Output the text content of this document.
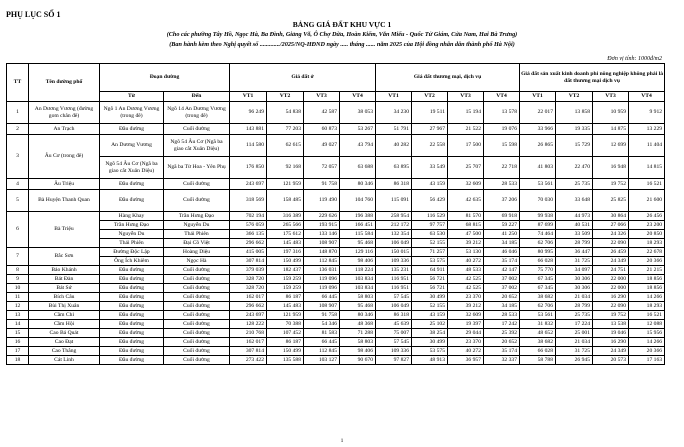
PHỤ LỤC SỐ 1
BẢNG GIÁ ĐẤT KHU VỰC 1
(Cho các phường Tây Hồ, Ngọc Hà, Ba Đình, Giảng Võ, Ô Chợ Dừa, Hoàn Kiếm, Văn Miếu - Quốc Tử Giám, Cửa Nam, Hai Bà Trưng)
(Ban hành kèm theo Nghị quyết số ............./2025/NQ-HĐND ngày ..... tháng ...... năm 2025 của Hội đồng nhân dân thành phố Hà Nội)
Đơn vị tính: 1000đ/m2
TT	Tên đường phố	Đoạn đường		Giá đất ở				Giá đất thương mại, dịch vụ				Giá đất sản xuất kinh doanh phi nông nghiệp không phải là đất thương mại dịch vụ			

		Từ	Đến	VT1	VT2	VT3	VT4	VT1	VT2	VT3	VT4	VT1	VT2	VT3	VT4
1	An Dương Vương (đường gom chân đê)	Ngõ 1 An Dương Vương (trong đê)	Ngõ 14 An Dương Vương (trong đê)	96 249	54 838	42 587	38 053	34 230	19 511	15 194	13 578	22 017	13 858	10 959	9 912
2	An Trạch	Đầu đường	Cuối đường	143 881	77 203	60 873	53 267	51 791	27 967	21 522	19 076	33 966	19 335	14 875	13 229
3	Âu Cơ (trong đê)	An Dương Vương	Ngõ 54 Âu Cơ (Ngã ba giao cắt Xuân Diệu)	114 580	62 615	49 027	43 794	40 282	22 558	17 500	15 598	26 865	15 729	12 699	11 404
		Ngõ 54 Âu Cơ (Ngã ba giao cắt Xuân Diệu)	Ngã ba Từ Hoa - Yên Phụ	176 850	92 168	72 057	63 688	63 895	33 549	25 707	22 718	41 803	22 470	16 948	14 815
4	Âu Triệu	Đầu đường	Cuối đường	243 697	121 959	91 758	80 346	86 318	43 159	32 609	28 533	53 561	25 735	19 752	16 521
5	Bà Huyện Thanh Quan	Đầu đường	Cuối đường	318 569	158 485	119 490	104 760	115 091	56 429	42 635	37 206	70 030	33 648	25 825	21 600
6	Bà Triệu	Hàng Khay	Trần Hưng Đạo	702 194	316 389	229 626	196 388	258 954	116 529	81 570	69 918	99 938	44 973	30 864	26 456
		Trần Hưng Đạo	Nguyễn Du	576 059	265 566	193 915	166 451	212 172	97 757	68 815	59 227	87 699	40 531	27 066	23 200
		Nguyễn Du	Thái Phiên	366 135	175 612	133 146	115 584	132 354	63 530	47 500	41 250	74 464	33 509	24 326	20 850
		Thái Phiên	Đại Cồ Việt	296 662	145 483	108 907	95 468	106 049	52 155	39 212	34 185	62 706	28 799	22 090	18 293
7	Bắc Sơn	Đường Độc Lập	Hoàng Diệu	415 005	197 316	148 870	129 116	150 015	71 257	53 130	46 046	80 995	36 447	26 459	22 678
		Ông Ích Khiêm	Ngọc Hà	307 814	150 499	112 845	98 406	109 336	53 575	40 272	35 174	66 028	31 725	24 349	20 366
8	Bảo Khánh	Đầu đường	Cuối đường	379 039	182 437	136 031	118 224	135 231	64 911	48 533	42 147	75 770	34 097	24 751	21 215
9	Bát Đàn	Đầu đường	Cuối đường	328 720	159 259	119 096	103 834	116 951	56 721	42 525	37 002	67 345	30 306	22 000	18 856
10	Bát Sứ	Đầu đường	Cuối đường	328 720	159 259	119 096	103 834	116 951	56 721	42 525	37 002	67 345	30 306	22 000	18 856
11	Bích Câu	Đầu đường	Cuối đường	162 017	86 187	66 445	58 803	57 545	30 499	23 370	20 652	38 682	21 034	16 290	14 266
12	Bùi Thị Xuân	Đầu đường	Cuối đường	296 662	145 483	108 907	95 468	106 049	52 155	39 212	34 185	62 706	28 799	22 090	18 293
13	Cầm Chỉ	Đầu đường	Cuối đường	243 697	121 959	91 758	80 346	86 318	43 159	32 609	28 533	53 561	25 735	19 752	16 521
14	Cầm Hội	Đầu đường	Cuối đường	128 222	70 388	54 346	48 368	45 639	25 102	19 397	17 242	31 832	17 224	13 538	12 088
15	Cao Bá Quát	Đầu đường	Cuối đường	210 768	107 452	81 583	71 288	75 007	38 254	29 044	25 392	48 652	25 001	19 046	15 956
16	Cao Đạt	Đầu đường	Cuối đường	162 017	86 187	66 445	58 803	57 545	30 499	23 370	20 652	38 682	21 034	16 290	14 266
17	Cao Thắng	Đầu đường	Cuối đường	307 814	150 499	112 845	98 406	109 336	53 575	40 272	35 174	66 028	31 725	24 349	20 366
18	Cát Linh	Đầu đường	Cuối đường	273 422	135 588	103 127	90 670	97 827	48 913	36 957	32 337	58 788	26 945	20 573	17 163
1
